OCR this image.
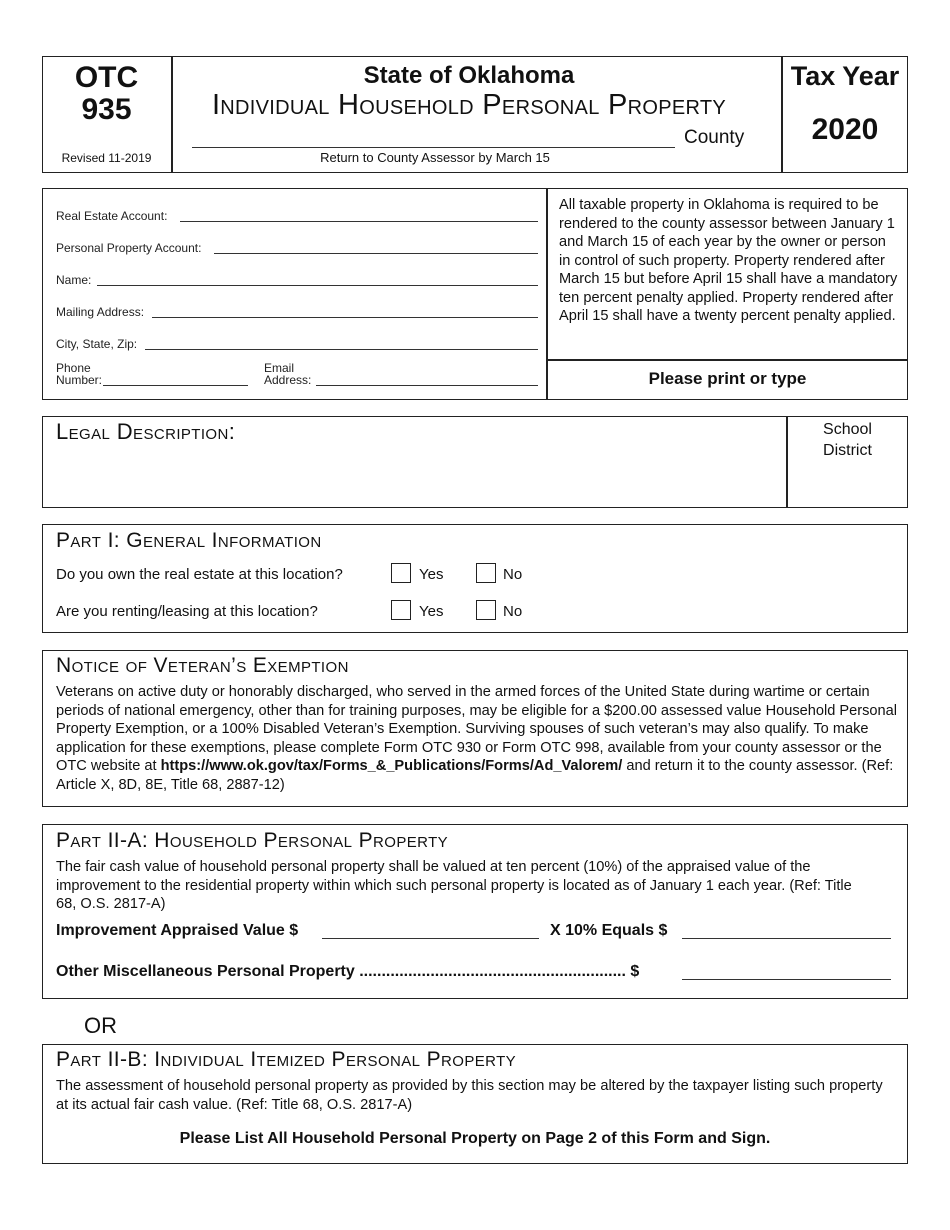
OTC
935
Revised 11-2019
State of Oklahoma
Individual Household Personal Property
County
Return to County Assessor by March 15
Tax Year
2020
Real Estate Account:
Personal Property Account:
Name:
Mailing Address:
City, State, Zip:
Phone
Number:
Email
Address:
All taxable property in Oklahoma is required to be rendered to the county assessor between January 1 and March 15 of each year by the owner or person in control of such property. Property rendered after March 15 but before April 15 shall have a mandatory ten percent penalty applied. Property rendered after April 15 shall have a twenty percent penalty applied.
Please print or type
Legal Description:	School
District
Part I: General Information
Do you own the real estate at this location?	Yes	No
Are you renting/leasing at this location?	Yes	No
Notice of Veteran’s Exemption
Veterans on active duty or honorably discharged, who served in the armed forces of the United State during wartime or certain periods of national emergency, other than for training purposes, may be eligible for a $200.00 assessed value Household Personal Property Exemption, or a 100% Disabled Veteran’s Exemption. Surviving spouses of such veteran’s may also qualify. To make application for these exemptions, please complete Form OTC 930 or Form OTC 998, available from your county assessor or the OTC website at https://www.ok.gov/tax/Forms_&_Publications/Forms/Ad_Valorem/ and return it to the county assessor. (Ref: Article X, 8D, 8E, Title 68, 2887-12)
Part II-A: Household Personal Property
The fair cash value of household personal property shall be valued at ten percent (10%) of the appraised value of the improvement to the residential property within which such personal property is located as of January 1 each year. (Ref: Title 68, O.S. 2817-A)
Improvement Appraised Value $	X 10% Equals $
Other Miscellaneous Personal Property ............................................................ $
OR
Part II-B: Individual Itemized Personal Property
The assessment of household personal property as provided by this section may be altered by the taxpayer listing such property at its actual fair cash value. (Ref: Title 68, O.S. 2817-A)
Please List All Household Personal Property on Page 2 of this Form and Sign.
